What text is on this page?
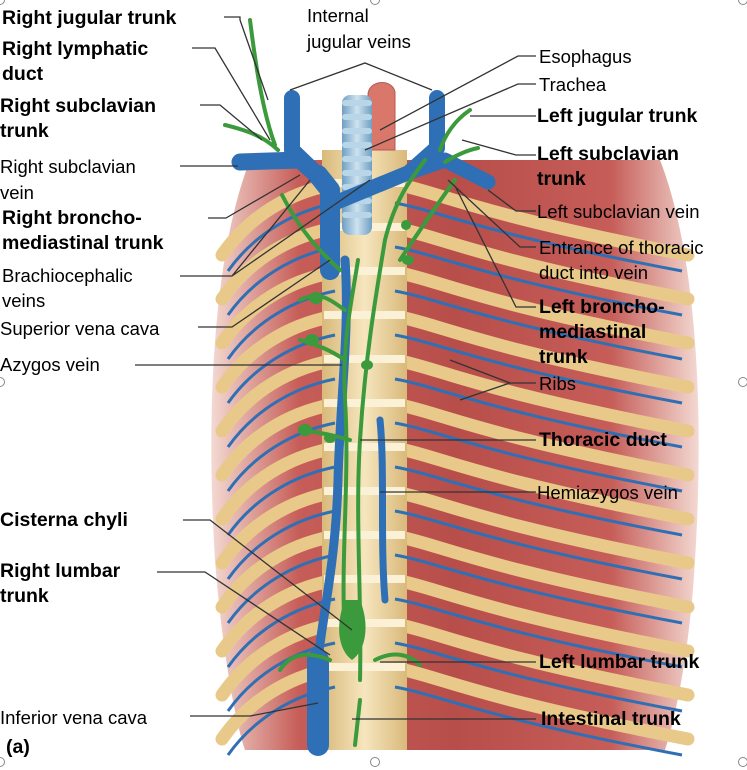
Right jugular trunk	Internal
jugular veins
Right lymphatic
duct
Right subclavian
trunk
Right subclavian
vein
Right broncho-
mediastinal trunk
Brachiocephalic
veins
Superior vena cava
Azygos vein
Cisterna chyli
Right lumbar
trunk
Inferior vena cava
(a)
Esophagus
Trachea
Left jugular trunk
Left subclavian
trunk
Left subclavian vein
Entrance of thoracic
duct into vein
Left broncho-
mediastinal
trunk
Ribs
Thoracic duct
Hemiazygos vein
Left lumbar trunk
Intestinal trunk
